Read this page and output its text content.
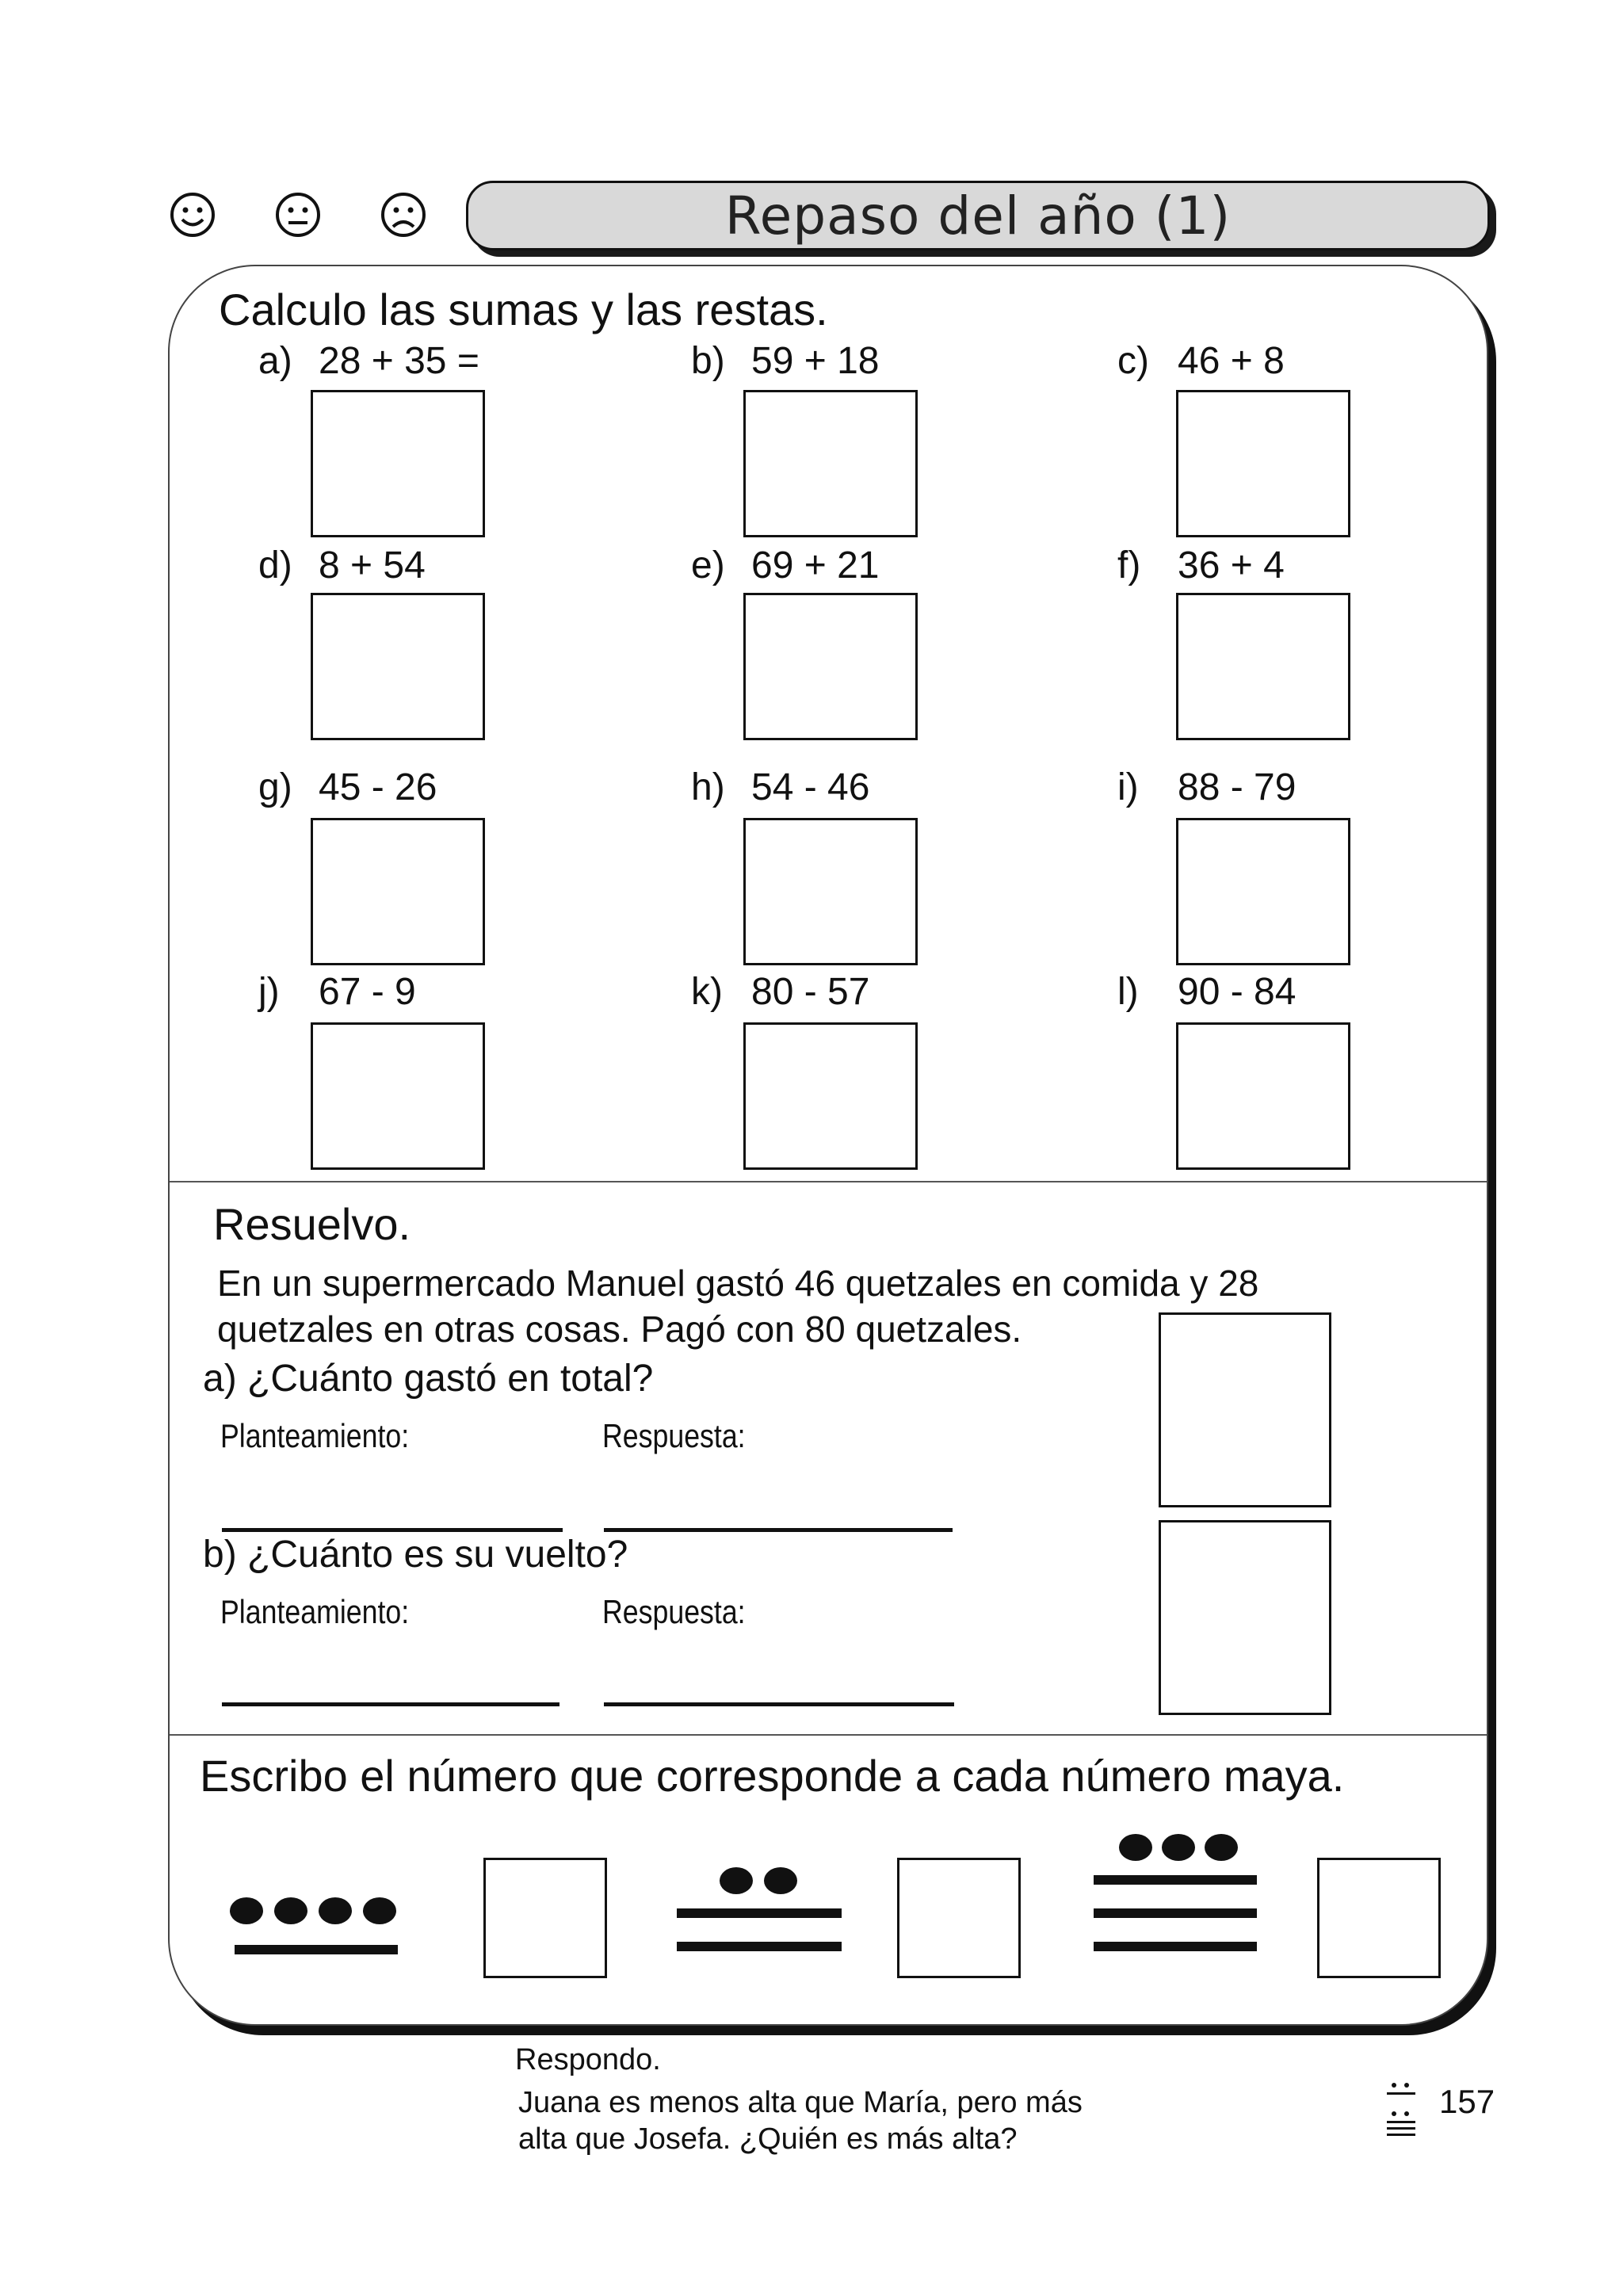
Repaso del año (1)
Calculo las sumas y las restas.
a) 28 + 35 =	b) 59 + 18	c) 46 + 8
d) 8 + 54	e) 69 + 21	f) 36 + 4
g) 45 - 26	h) 54 - 46	i) 88 - 79
j) 67 - 9	k) 80 - 57	l) 90 - 84
Resuelvo.
En un supermercado Manuel gastó 46 quetzales en comida y 28
quetzales en otras cosas. Pagó con 80 quetzales.
a) ¿Cuánto gastó en total?
Planteamiento:	Respuesta:
b) ¿Cuánto es su vuelto?
Planteamiento:	Respuesta:
Escribo el número que corresponde a cada número maya.
Respondo.
Juana es menos alta que María, pero más
alta que Josefa. ¿Quién es más alta?
157
